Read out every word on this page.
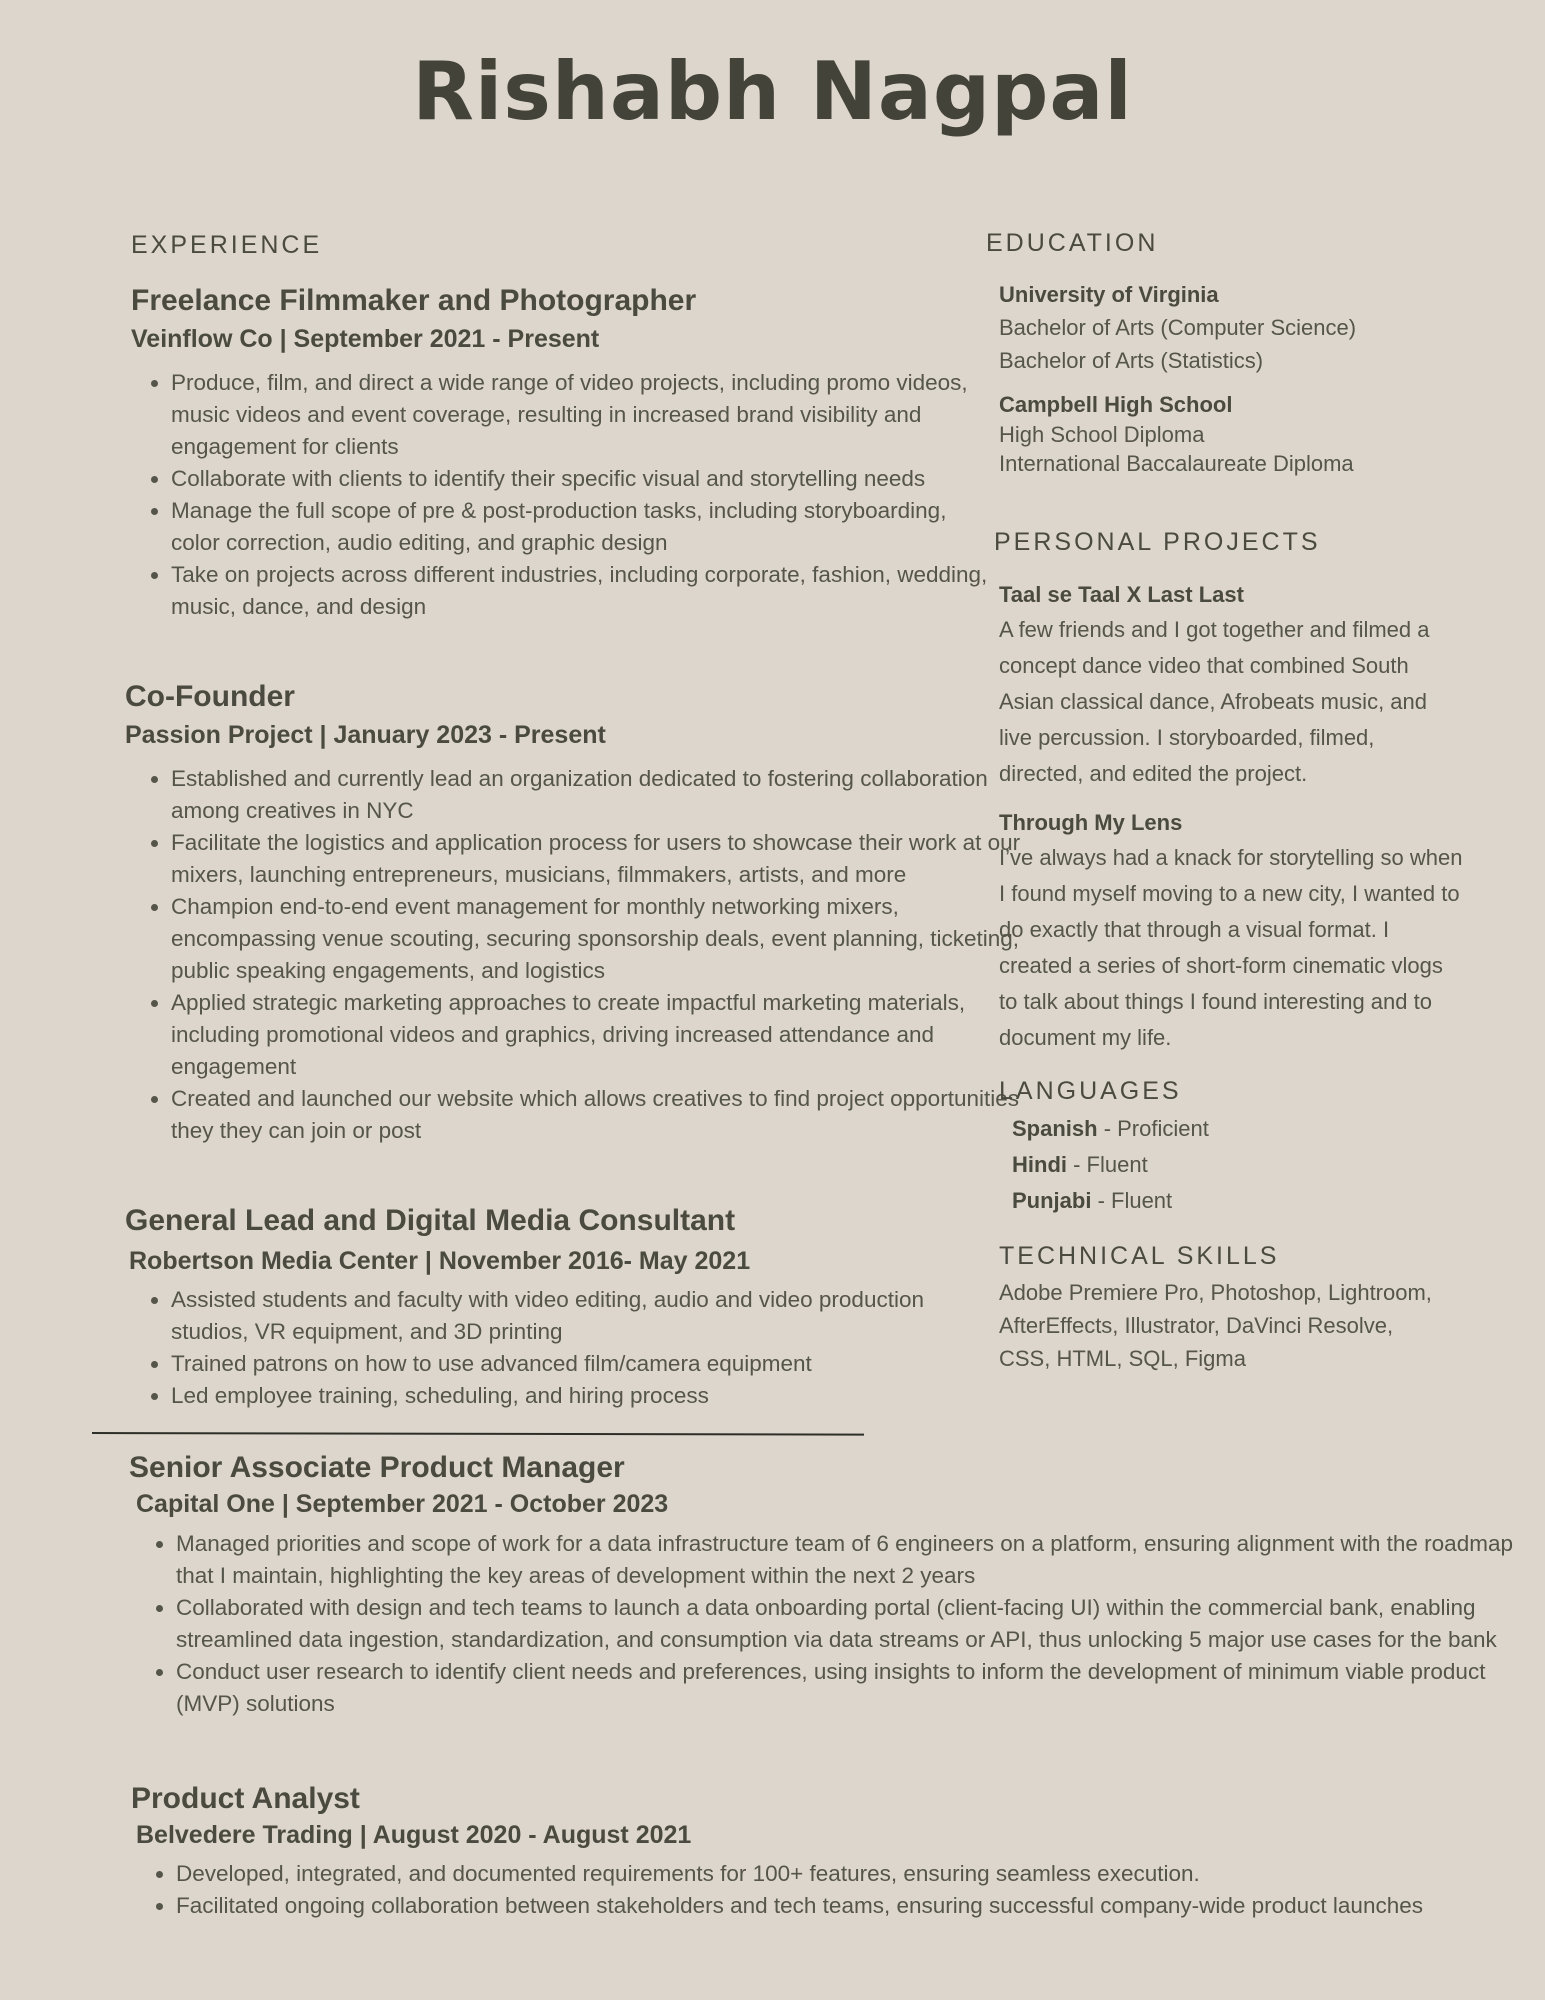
Rishabh Nagpal
EXPERIENCE
Freelance Filmmaker and Photographer
Veinflow Co | September 2021 - Present
• Produce, film, and direct a wide range of video projects, including promo videos, music videos and event coverage, resulting in increased brand visibility and engagement for clients
• Collaborate with clients to identify their specific visual and storytelling needs
• Manage the full scope of pre & post-production tasks, including storyboarding, color correction, audio editing, and graphic design
• Take on projects across different industries, including corporate, fashion, wedding, music, dance, and design
Co-Founder
Passion Project | January 2023 - Present
• Established and currently lead an organization dedicated to fostering collaboration among creatives in NYC
• Facilitate the logistics and application process for users to showcase their work at our mixers, launching entrepreneurs, musicians, filmmakers, artists, and more
• Champion end-to-end event management for monthly networking mixers, encompassing venue scouting, securing sponsorship deals, event planning, ticketing, public speaking engagements, and logistics
• Applied strategic marketing approaches to create impactful marketing materials, including promotional videos and graphics, driving increased attendance and engagement
• Created and launched our website which allows creatives to find project opportunities they they can join or post
General Lead and Digital Media Consultant
Robertson Media Center | November 2016- May 2021
• Assisted students and faculty with video editing, audio and video production studios, VR equipment, and 3D printing
• Trained patrons on how to use advanced film/camera equipment
• Led employee training, scheduling, and hiring process
Senior Associate Product Manager
Capital One | September 2021 - October 2023
• Managed priorities and scope of work for a data infrastructure team of 6 engineers on a platform, ensuring alignment with the roadmap that I maintain, highlighting the key areas of development within the next 2 years
• Collaborated with design and tech teams to launch a data onboarding portal (client-facing UI) within the commercial bank, enabling streamlined data ingestion, standardization, and consumption via data streams or API, thus unlocking 5 major use cases for the bank
• Conduct user research to identify client needs and preferences, using insights to inform the development of minimum viable product (MVP) solutions
Product Analyst
Belvedere Trading | August 2020 - August 2021
• Developed, integrated, and documented requirements for 100+ features, ensuring seamless execution.
• Facilitated ongoing collaboration between stakeholders and tech teams, ensuring successful company-wide product launches
EDUCATION
University of Virginia
Bachelor of Arts (Computer Science)
Bachelor of Arts (Statistics)
Campbell High School
High School Diploma
International Baccalaureate Diploma
PERSONAL PROJECTS
Taal se Taal X Last Last
A few friends and I got together and filmed a
concept dance video that combined South
Asian classical dance, Afrobeats music, and
live percussion. I storyboarded, filmed,
directed, and edited the project.
Through My Lens
I’ve always had a knack for storytelling so when
I found myself moving to a new city, I wanted to
do exactly that through a visual format. I
created a series of short-form cinematic vlogs
to talk about things I found interesting and to
document my life.
LANGUAGES
Spanish - Proficient
Hindi - Fluent
Punjabi - Fluent
TECHNICAL SKILLS
Adobe Premiere Pro, Photoshop, Lightroom,
AfterEffects, Illustrator, DaVinci Resolve,
CSS, HTML, SQL, Figma
